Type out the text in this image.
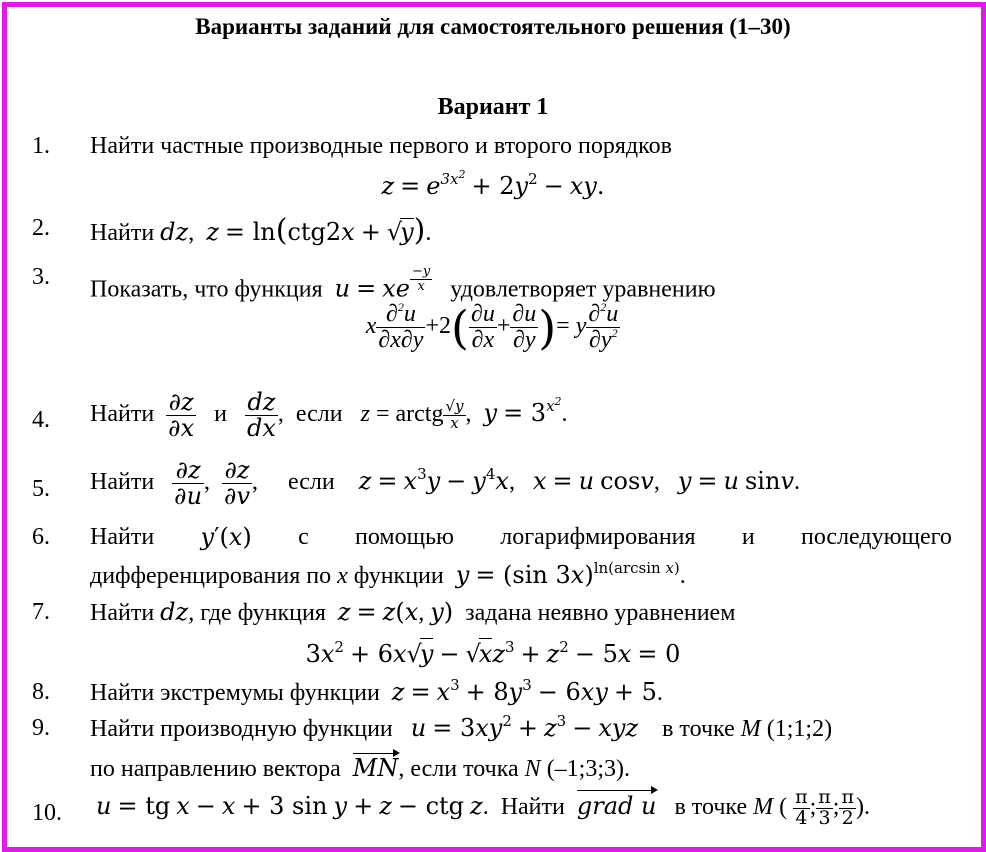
Варианты заданий для самостоятельного решения (1–30)
Вариант 1
1. Найти частные производные первого и второго порядков
$z = e^{3x^2} + 2y^2$ − xy.
2. Найти dz,  z = ln(ctg2x + √y).
3. Показать, что функция u = xe $^{\frac{-y}{x}}$ удовлетворяет уравнению
x $\frac{\partial^2u}{\partial x\partial y} +2( \frac{\partial u}{\partial x} + \frac{\partial u}{\partial y}$ )= y $\frac{\partial^2u}{\partial y^2}$
4. Найти $\frac{\partial z}{\partial x}$ и $\frac{dz}{dx}$ ,  если z = arctg $\frac{√y}{x}$ ,  $y = 3^{x^2}$.
5. Найти $\frac{\partial z}{\partial u}$ , $\frac{\partial z}{\partial v}$ ,     если $z = x^3y - y^4x$,   x = u cosv,   y = u sinv.
6. Найти y′(x) с помощью логарифмирования и последующего
дифференцирования по x функции y = (sin 3x)$^{ln(arcsin x)}$.
7. Найти dz, где функция z = z(x, y) задана неявно уравнением
$3x^2 + 6x√y - √xz^3 + z^2 - 5x = 0$
8. Найти экстремумы функции $z = x^3 + 8y^3 - 6xy + 5$.
9. Найти производную функции $u = 3xy^2 + z^3$ − xyz в точке M (1;1;2)
по направлению вектора MN, если точка N (–1;3;3).
10. u = tg x − x + 3 sin y + z − ctg z.  Найти grad u в точке M ( $\frac{\pi}{4}$ ; $\frac{\pi}{3}$ ; $\frac{\pi}{2}$ ).
